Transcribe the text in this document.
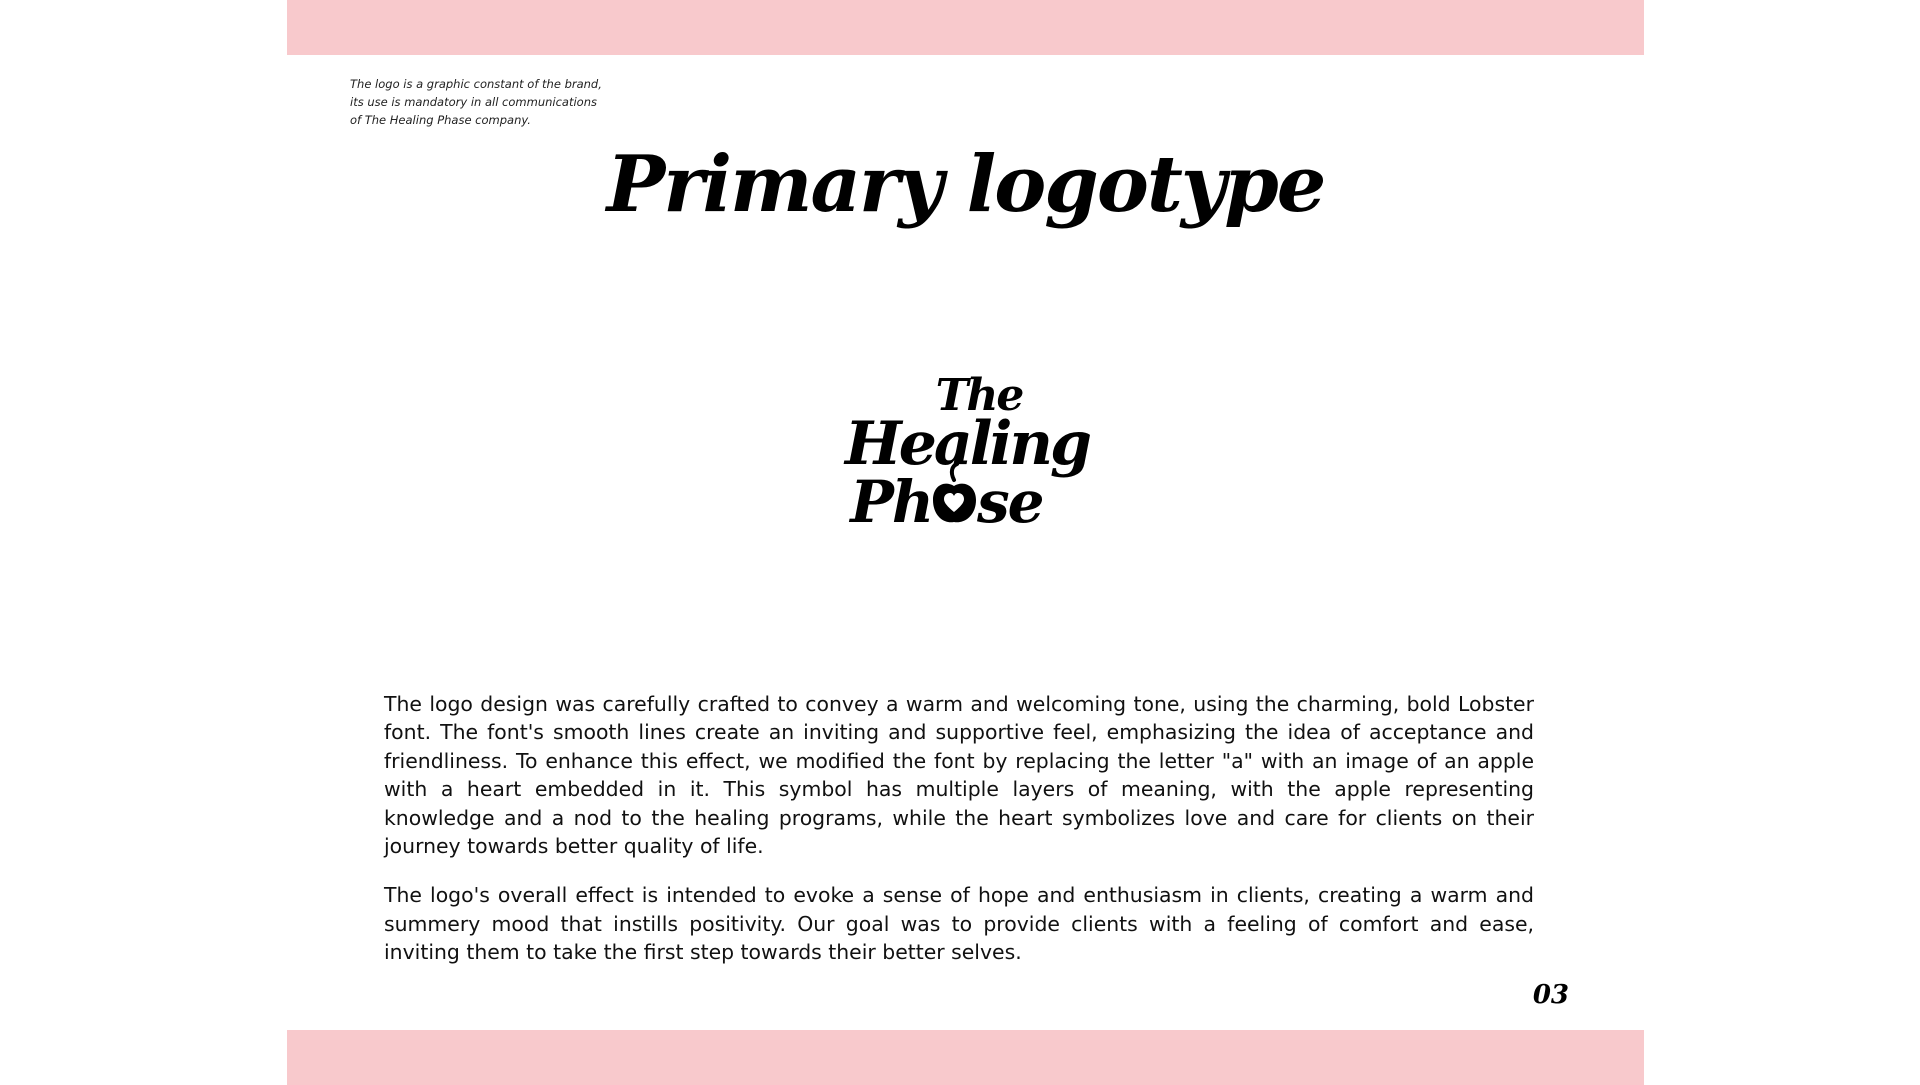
The logo is a graphic constant of the brand,
its use is mandatory in all communications
of The Healing Phase company.
Primary logotype
The
Healing
Ph se

The logo design was carefully crafted to convey a warm and welcoming tone, using the charming, bold Lobster font. The font's smooth lines create an inviting and supportive feel, emphasizing the idea of acceptance and friendliness. To enhance this effect, we modified the font by replacing the letter "a" with an image of an apple with a heart embedded in it. This symbol has multiple layers of meaning, with the apple representing knowledge and a nod to the healing programs, while the heart symbolizes love and care for clients on their journey towards better quality of life.

The logo's overall effect is intended to evoke a sense of hope and enthusiasm in clients, creating a warm and summery mood that instills positivity. Our goal was to provide clients with a feeling of comfort and ease, inviting them to take the first step towards their better selves.

03
